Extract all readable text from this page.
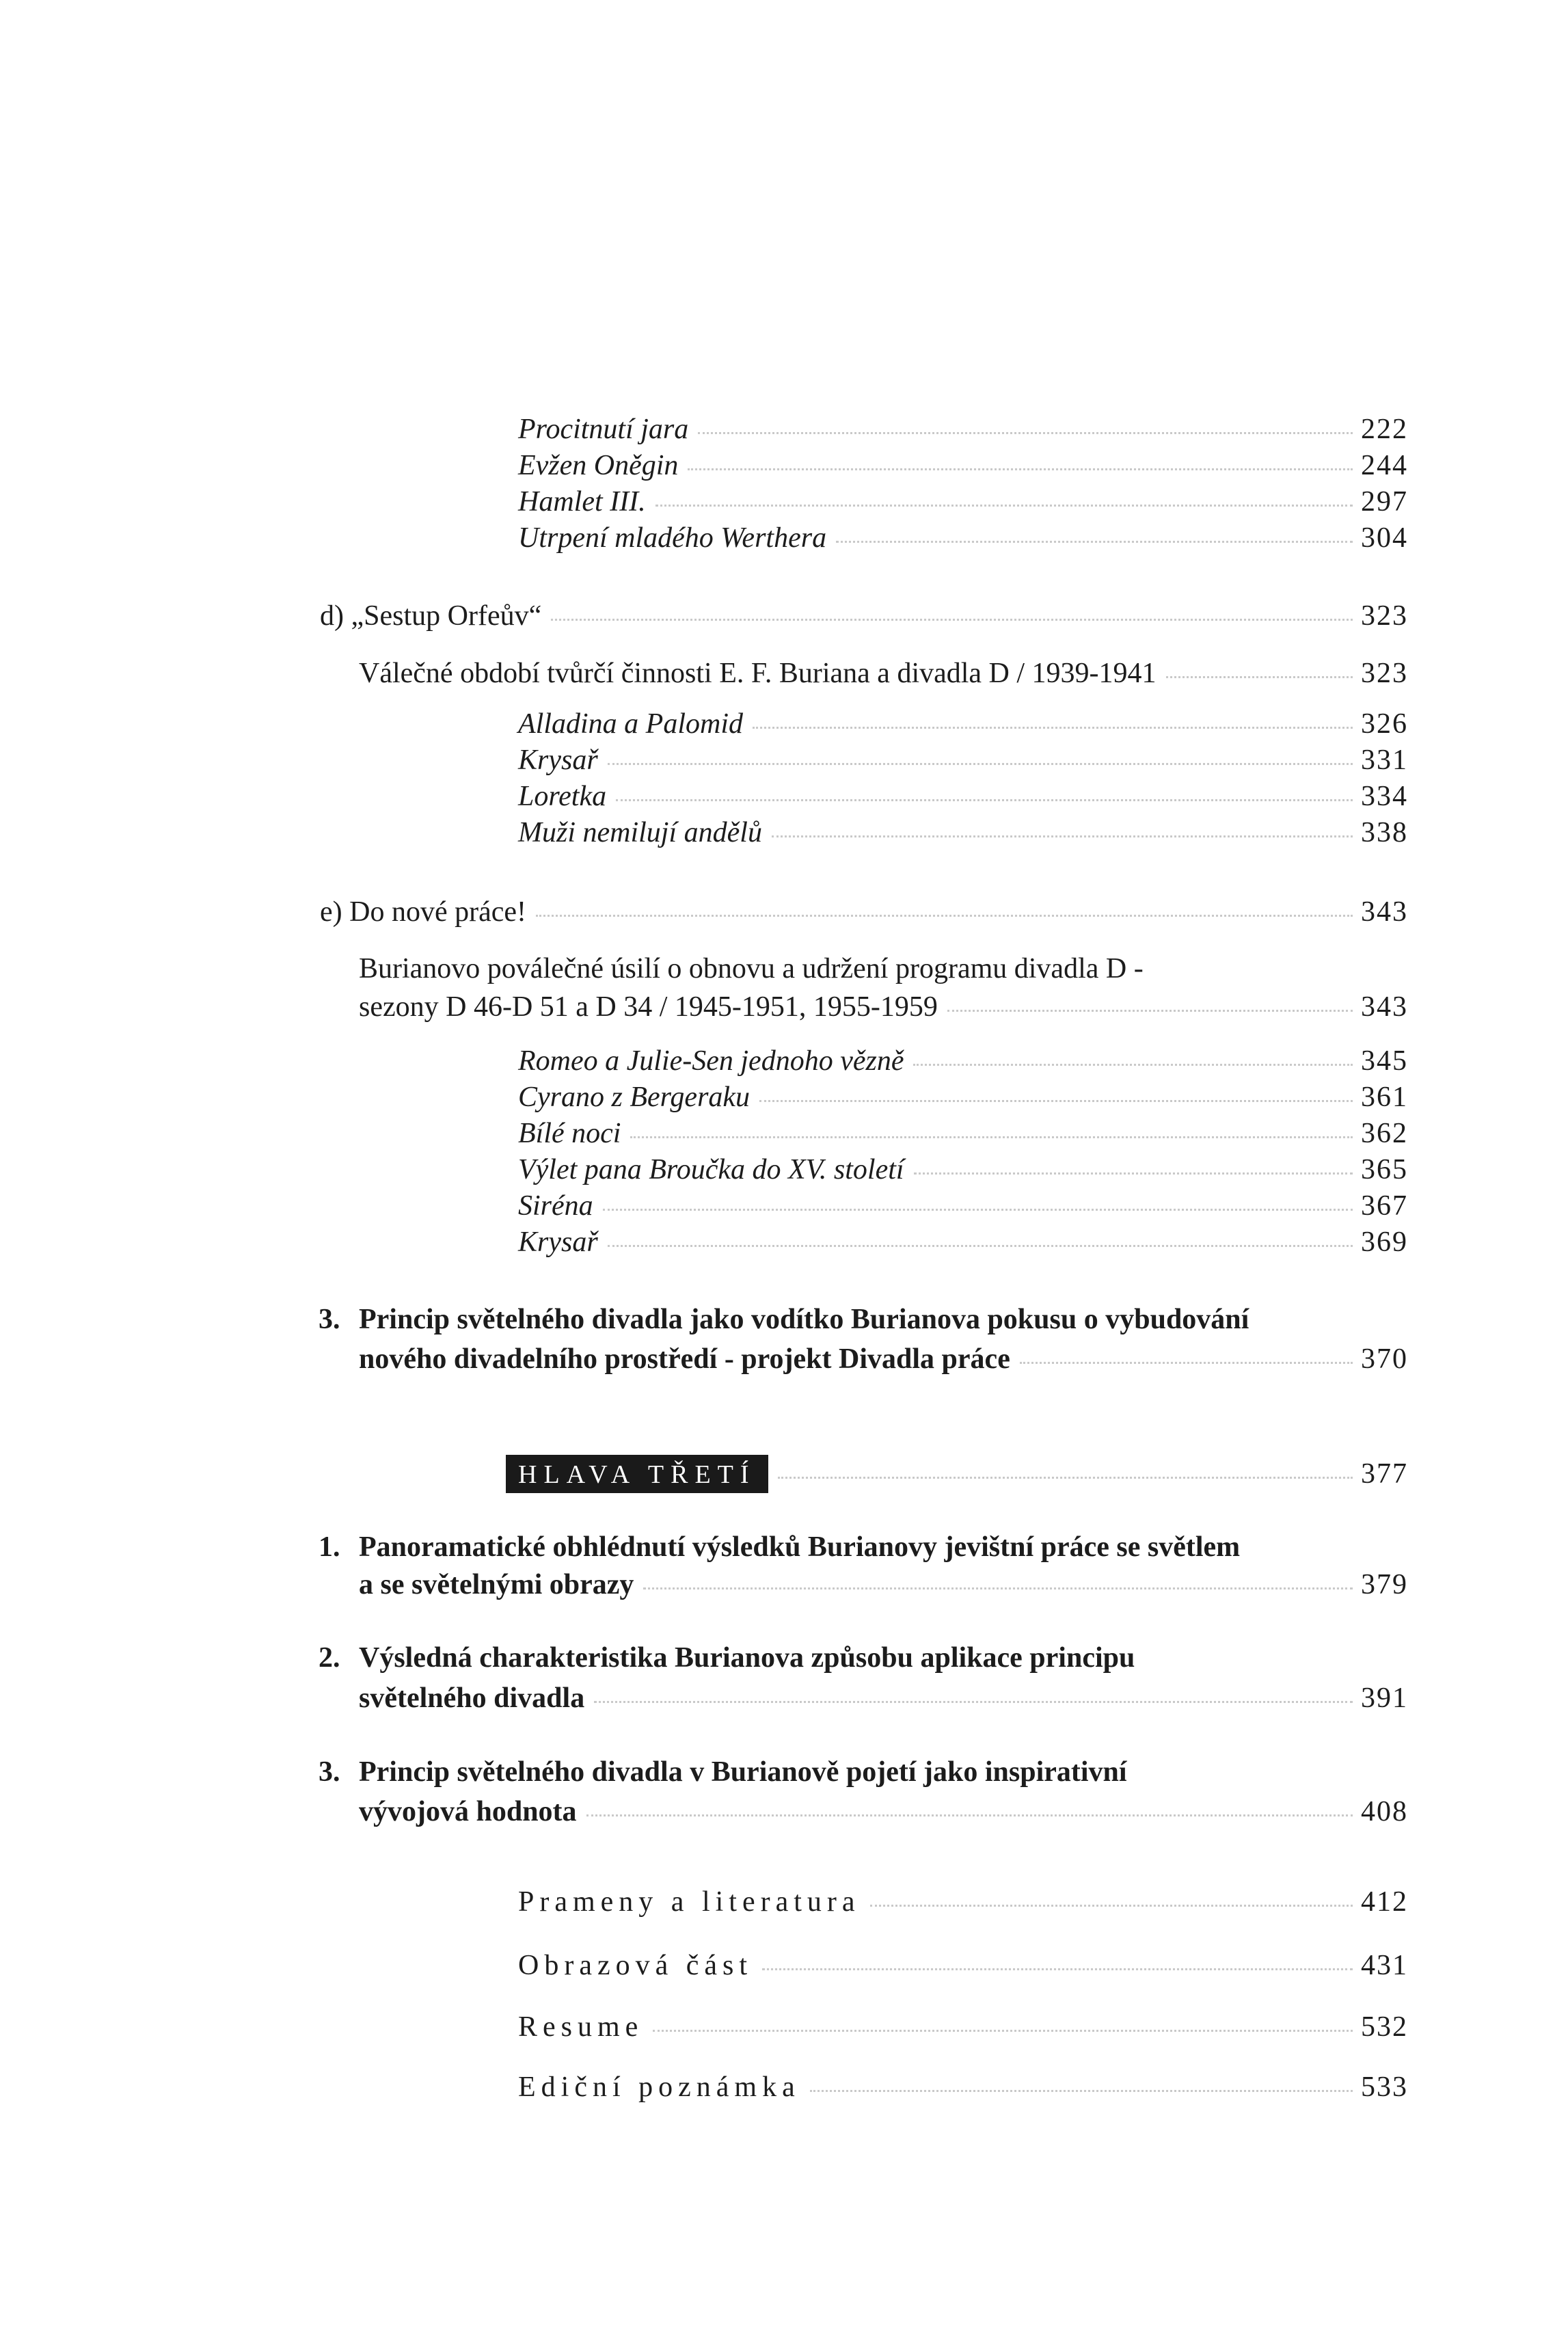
Procitnutí jara	222
Evžen Oněgin	244
Hamlet III.	297
Utrpení mladého Werthera	304
d) „Sestup Orfeův“	323
Válečné období tvůrčí činnosti E. F. Buriana a divadla D / 1939-1941	323
Alladina a Palomid	326
Krysař	331
Loretka	334
Muži nemilují andělů	338
e) Do nové práce!	343
Burianovo poválečné úsilí o obnovu a udržení programu divadla D -
sezony D 46-D 51 a D 34 / 1945-1951, 1955-1959	343
Romeo a Julie-Sen jednoho vězně	345
Cyrano z Bergeraku	361
Bílé noci	362
Výlet pana Broučka do XV. století	365
Siréna	367
Krysař	369
3. Princip světelného divadla jako vodítko Burianova pokusu o vybudování
nového divadelního prostředí - projekt Divadla práce	370
HLAVA TŘETÍ	377
1. Panoramatické obhlédnutí výsledků Burianovy jevištní práce se světlem
a se světelnými obrazy	379
2. Výsledná charakteristika Burianova způsobu aplikace principu
světelného divadla	391
3. Princip světelného divadla v Burianově pojetí jako inspirativní
vývojová hodnota	408
Prameny a literatura	412
Obrazová část	431
Resume	532
Ediční poznámka	533
